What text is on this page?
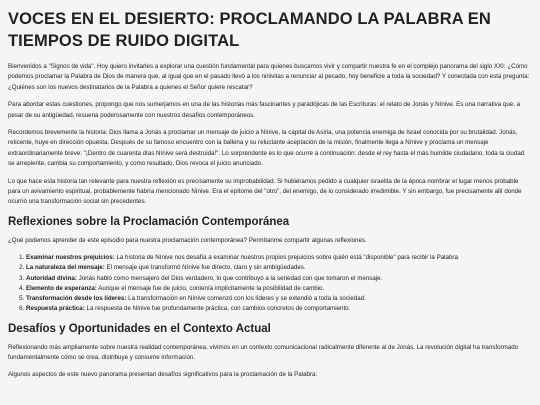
VOCES EN EL DESIERTO: PROCLAMANDO LA PALABRA EN TIEMPOS DE RUIDO DIGITAL

Bienvenidos a "Signos de vida". Hoy quiero invitarles a explorar una cuestión fundamental para quienes buscamos vivir y compartir nuestra fe en el complejo panorama del siglo XXI: ¿Cómo podemos proclamar la Palabra de Dios de manera que, al igual que en el pasado llevó a los ninivitas a renunciar al pecado, hoy beneficie a toda la sociedad? Y conectada con esta pregunta: ¿Quiénes son los nuevos destinatarios de la Palabra a quienes el Señor quiere rescatar?

Para abordar estas cuestiones, propongo que nos sumerjamos en una de las historias más fascinantes y paradójicas de las Escrituras: el relato de Jonás y Nínive. Es una narrativa que, a pesar de su antigüedad, resuena poderosamente con nuestros desafíos contemporáneos.

Recordemos brevemente la historia: Dios llama a Jonás a proclamar un mensaje de juicio a Nínive, la capital de Asiria, una potencia enemiga de Israel conocida por su brutalidad. Jonás, reticente, huye en dirección opuesta. Después de su famoso encuentro con la ballena y su reluctante aceptación de la misión, finalmente llega a Nínive y proclama un mensaje extraordinariamente breve: "¡Dentro de cuarenta días Nínive será destruida!". Lo sorprendente es lo que ocurre a continuación: desde el rey hasta el más humilde ciudadano, toda la ciudad se arrepiente, cambia su comportamiento, y como resultado, Dios revoca el juicio anunciado.

Lo que hace esta historia tan relevante para nuestra reflexión es precisamente su improbabilidad. Si hubiéramos pedido a cualquier israelita de la época nombrar el lugar menos probable para un avivamiento espiritual, probablemente habría mencionado Nínive. Era el epítome del "otro", del enemigo, de lo considerado irredimible. Y sin embargo, fue precisamente allí donde ocurrió una transformación social sin precedentes.

Reflexiones sobre la Proclamación Contemporánea

¿Qué podemos aprender de este episodio para nuestra proclamación contemporánea? Permítanme compartir algunas reflexiones.

1. Examinar nuestros prejuicios: La historia de Nínive nos desafía a examinar nuestros propios prejuicios sobre quién está "disponible" para recibir la Palabra.
2. La naturaleza del mensaje: El mensaje que transformó Nínive fue directo, claro y sin ambigüedades.
3. Autoridad divina: Jonás habló como mensajero del Dios verdadero, lo que contribuyó a la seriedad con que tomaron el mensaje.
4. Elemento de esperanza: Aunque el mensaje fue de juicio, contenía implícitamente la posibilidad de cambio.
5. Transformación desde los líderes: La transformación en Nínive comenzó con los líderes y se extendió a toda la sociedad.
6. Respuesta práctica: La respuesta de Nínive fue profundamente práctica, con cambios concretos de comportamiento.
Desafíos y Oportunidades en el Contexto Actual

Reflexionando más ampliamente sobre nuestra realidad contemporánea, vivimos en un contexto comunicacional radicalmente diferente al de Jonás. La revolución digital ha transformado fundamentalmente cómo se crea, distribuye y consume información.

Algunos aspectos de este nuevo panorama presentan desafíos significativos para la proclamación de la Palabra:
